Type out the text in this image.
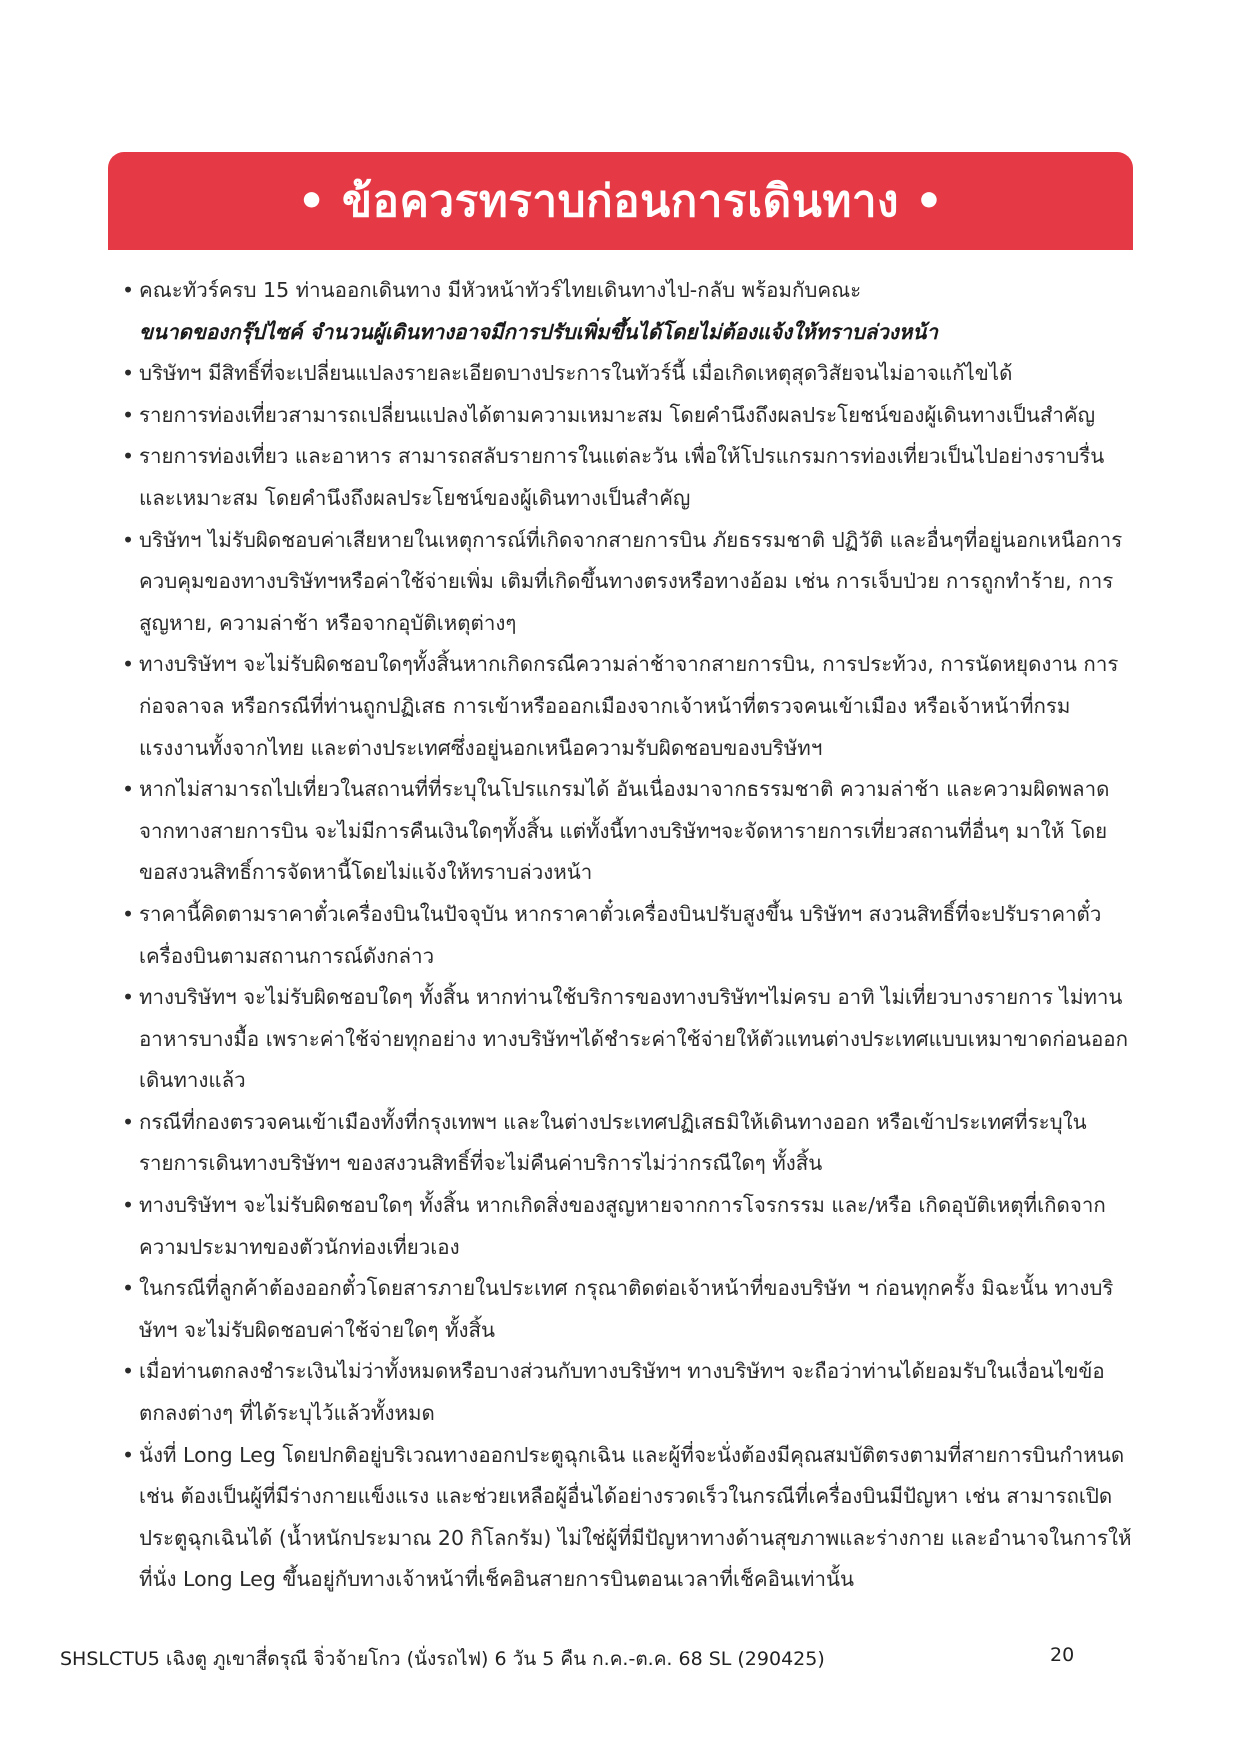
• ข้อควรทราบก่อนการเดินทาง •
• คณะทัวร์ครบ 15 ท่านออกเดินทาง มีหัวหน้าทัวร์ไทยเดินทางไป-กลับ พร้อมกับคณะ
ขนาดของกรุ๊ปไซค์ จำนวนผู้เดินทางอาจมีการปรับเพิ่มขึ้นได้โดยไม่ต้องแจ้งให้ทราบล่วงหน้า
• บริษัทฯ มีสิทธิ์ที่จะเปลี่ยนแปลงรายละเอียดบางประการในทัวร์นี้ เมื่อเกิดเหตุสุดวิสัยจนไม่อาจแก้ไขได้
• รายการท่องเที่ยวสามารถเปลี่ยนแปลงได้ตามความเหมาะสม โดยคำนึงถึงผลประโยชน์ของผู้เดินทางเป็นสำคัญ
• รายการท่องเที่ยว และอาหาร สามารถสลับรายการในแต่ละวัน เพื่อให้โปรแกรมการท่องเที่ยวเป็นไปอย่างราบรื่น และเหมาะสม โดยคำนึงถึงผลประโยชน์ของผู้เดินทางเป็นสำคัญ
• บริษัทฯ ไม่รับผิดชอบค่าเสียหายในเหตุการณ์ที่เกิดจากสายการบิน ภัยธรรมชาติ ปฏิวัติ และอื่นๆที่อยู่นอกเหนือการควบคุมของทางบริษัทฯหรือค่าใช้จ่ายเพิ่ม เติมที่เกิดขึ้นทางตรงหรือทางอ้อม เช่น การเจ็บป่วย การถูกทำร้าย, การสูญหาย, ความล่าช้า หรือจากอุบัติเหตุต่างๆ
• ทางบริษัทฯ จะไม่รับผิดชอบใดๆทั้งสิ้นหากเกิดกรณีความล่าช้าจากสายการบิน, การประท้วง, การนัดหยุดงาน การก่อจลาจล หรือกรณีที่ท่านถูกปฏิเสธ การเข้าหรือออกเมืองจากเจ้าหน้าที่ตรวจคนเข้าเมือง หรือเจ้าหน้าที่กรมแรงงานทั้งจากไทย และต่างประเทศซึ่งอยู่นอกเหนือความรับผิดชอบของบริษัทฯ
• หากไม่สามารถไปเที่ยวในสถานที่ที่ระบุในโปรแกรมได้ อันเนื่องมาจากธรรมชาติ ความล่าช้า และความผิดพลาดจากทางสายการบิน จะไม่มีการคืนเงินใดๆทั้งสิ้น แต่ทั้งนี้ทางบริษัทฯจะจัดหารายการเที่ยวสถานที่อื่นๆ มาให้ โดยขอสงวนสิทธิ์การจัดหานี้โดยไม่แจ้งให้ทราบล่วงหน้า
• ราคานี้คิดตามราคาตั๋วเครื่องบินในปัจจุบัน หากราคาตั๋วเครื่องบินปรับสูงขึ้น บริษัทฯ สงวนสิทธิ์ที่จะปรับราคาตั๋วเครื่องบินตามสถานการณ์ดังกล่าว
• ทางบริษัทฯ จะไม่รับผิดชอบใดๆ ทั้งสิ้น หากท่านใช้บริการของทางบริษัทฯไม่ครบ อาทิ ไม่เที่ยวบางรายการ ไม่ทานอาหารบางมื้อ เพราะค่าใช้จ่ายทุกอย่าง ทางบริษัทฯได้ชำระค่าใช้จ่ายให้ตัวแทนต่างประเทศแบบเหมาขาดก่อนออกเดินทางแล้ว
• กรณีที่กองตรวจคนเข้าเมืองทั้งที่กรุงเทพฯ และในต่างประเทศปฏิเสธมิให้เดินทางออก หรือเข้าประเทศที่ระบุในรายการเดินทางบริษัทฯ ของสงวนสิทธิ์ที่จะไม่คืนค่าบริการไม่ว่ากรณีใดๆ ทั้งสิ้น
• ทางบริษัทฯ จะไม่รับผิดชอบใดๆ ทั้งสิ้น หากเกิดสิ่งของสูญหายจากการโจรกรรม และ/หรือ เกิดอุบัติเหตุที่เกิดจากความประมาทของตัวนักท่องเที่ยวเอง
• ในกรณีที่ลูกค้าต้องออกตั๋วโดยสารภายในประเทศ กรุณาติดต่อเจ้าหน้าที่ของบริษัท ฯ ก่อนทุกครั้ง มิฉะนั้น ทางบริษัทฯ จะไม่รับผิดชอบค่าใช้จ่ายใดๆ ทั้งสิ้น
• เมื่อท่านตกลงชำระเงินไม่ว่าทั้งหมดหรือบางส่วนกับทางบริษัทฯ ทางบริษัทฯ จะถือว่าท่านได้ยอมรับในเงื่อนไขข้อตกลงต่างๆ ที่ได้ระบุไว้แล้วทั้งหมด
• นั่งที่ Long Leg โดยปกติอยู่บริเวณทางออกประตูฉุกเฉิน และผู้ที่จะนั่งต้องมีคุณสมบัติตรงตามที่สายการบินกำหนด เช่น ต้องเป็นผู้ที่มีร่างกายแข็งแรง และช่วยเหลือผู้อื่นได้อย่างรวดเร็วในกรณีที่เครื่องบินมีปัญหา เช่น สามารถเปิดประตูฉุกเฉินได้ (น้ำหนักประมาณ 20 กิโลกรัม) ไม่ใช่ผู้ที่มีปัญหาทางด้านสุขภาพและร่างกาย และอำนาจในการให้ที่นั่ง Long Leg ขึ้นอยู่กับทางเจ้าหน้าที่เช็คอินสายการบินตอนเวลาที่เช็คอินเท่านั้น
SHSLCTU5 เฉิงตู ภูเขาสี่ดรุณี จิ่วจ้ายโกว (นั่งรถไฟ) 6 วัน 5 คืน ก.ค.-ต.ค. 68 SL (290425)	20
